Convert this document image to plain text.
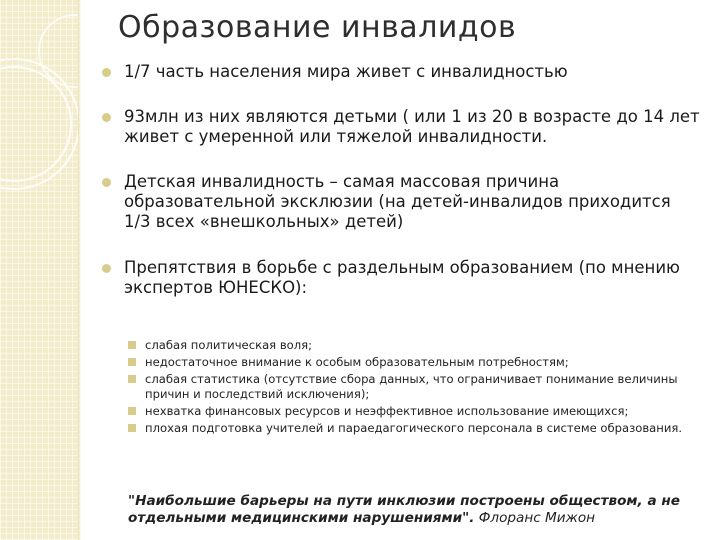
Образование инвалидов
1/7 часть населения мира живет с инвалидностью
93млн из них являются детьми ( или 1 из 20 в возрасте до 14 лет живет с умеренной или тяжелой инвалидности.
Детская инвалидность – самая массовая причина образовательной эксклюзии (на детей-инвалидов приходится 1/3 всех «внешкольных» детей)
Препятствия в борьбе с раздельным образованием (по мнению экспертов ЮНЕСКО):
слабая политическая воля;
недостаточное внимание к особым образовательным потребностям;
слабая статистика (отсутствие сбора данных, что ограничивает понимание величины причин и последствий исключения);
нехватка финансовых ресурсов и неэффективное использование имеющихся;
плохая подготовка учителей и параедагогического персонала в системе образования.
"Наибольшие барьеры на пути инклюзии построены обществом, а не отдельными медицинскими нарушениями". Флоранс Мижон
